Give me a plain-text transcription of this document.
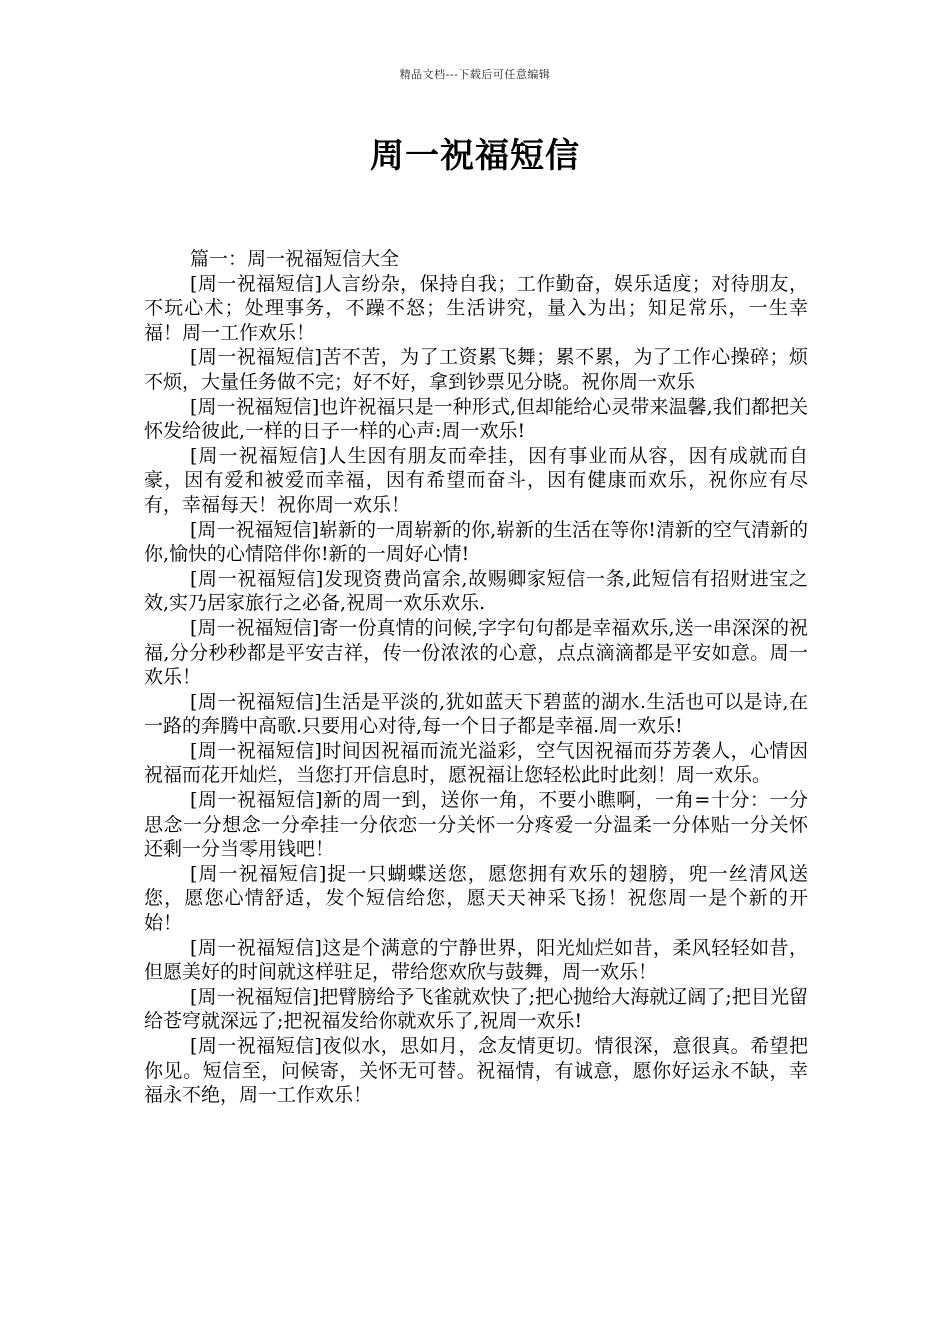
精品文档---下载后可任意编辑
周一祝福短信

篇一：周一祝福短信大全

[周一祝福短信]人言纷杂，保持自我；工作勤奋，娱乐适度；对待朋友，不玩心术；处理事务，不躁不怒；生活讲究，量入为出；知足常乐，一生幸福！周一工作欢乐！

[周一祝福短信]苦不苦，为了工资累飞舞；累不累，为了工作心操碎；烦不烦，大量任务做不完；好不好，拿到钞票见分晓。祝你周一欢乐

[周一祝福短信]也许祝福只是一种形式,但却能给心灵带来温馨,我们都把关怀发给彼此,一样的日子一样的心声:周一欢乐!

[周一祝福短信]人生因有朋友而牵挂，因有事业而从容，因有成就而自豪，因有爱和被爱而幸福，因有希望而奋斗，因有健康而欢乐，祝你应有尽有，幸福每天！祝你周一欢乐！

[周一祝福短信]崭新的一周崭新的你,崭新的生活在等你!清新的空气清新的你,愉快的心情陪伴你!新的一周好心情!

[周一祝福短信]发现资费尚富余,故赐卿家短信一条,此短信有招财进宝之效,实乃居家旅行之必备,祝周一欢乐欢乐.

[周一祝福短信]寄一份真情的问候,字字句句都是幸福欢乐,送一串深深的祝福,分分秒秒都是平安吉祥，传一份浓浓的心意，点点滴滴都是平安如意。周一欢乐！

[周一祝福短信]生活是平淡的,犹如蓝天下碧蓝的湖水.生活也可以是诗,在一路的奔腾中高歌.只要用心对待,每一个日子都是幸福.周一欢乐!

[周一祝福短信]时间因祝福而流光溢彩，空气因祝福而芬芳袭人，心情因祝福而花开灿烂，当您打开信息时，愿祝福让您轻松此时此刻！周一欢乐。

[周一祝福短信]新的周一到，送你一角，不要小瞧啊，一角=十分：一分思念一分想念一分牵挂一分依恋一分关怀一分疼爱一分温柔一分体贴一分关怀还剩一分当零用钱吧！

[周一祝福短信]捉一只蝴蝶送您，愿您拥有欢乐的翅膀，兜一丝清风送您，愿您心情舒适，发个短信给您，愿天天神采飞扬！祝您周一是个新的开始！

[周一祝福短信]这是个满意的宁静世界，阳光灿烂如昔，柔风轻轻如昔，但愿美好的时间就这样驻足，带给您欢欣与鼓舞，周一欢乐！

[周一祝福短信]把臂膀给予飞雀就欢快了;把心抛给大海就辽阔了;把目光留给苍穹就深远了;把祝福发给你就欢乐了,祝周一欢乐!

[周一祝福短信]夜似水，思如月，念友情更切。情很深，意很真。希望把你见。短信至，问候寄，关怀无可替。祝福情，有诚意，愿你好运永不缺，幸福永不绝，周一工作欢乐！
